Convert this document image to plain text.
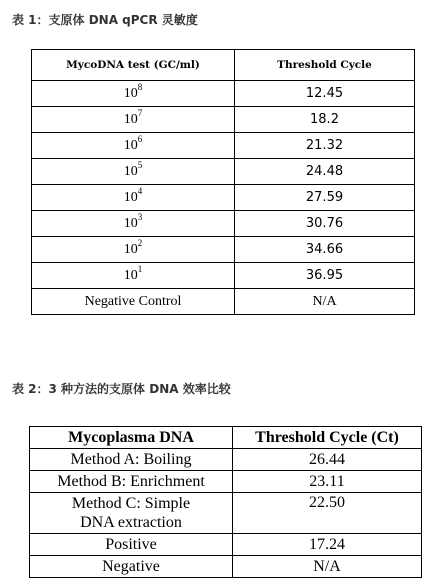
表 1：支原体 DNA qPCR 灵敏度
MycoDNA test (GC/ml)	Threshold Cycle
$10^8$	12.45
$10^7$	18.2
$10^6$	21.32
$10^5$	24.48
$10^4$	27.59
$10^3$	30.76
$10^2$	34.66
$10^1$	36.95
Negative Control	N/A
表 2：3 种方法的支原体 DNA 效率比较
Mycoplasma DNA	Threshold Cycle (Ct)
Method A: Boiling	26.44
Method B: Enrichment	23.11

Method C: Simple
DNA extraction	22.50
Positive	17.24
Negative	N/A
